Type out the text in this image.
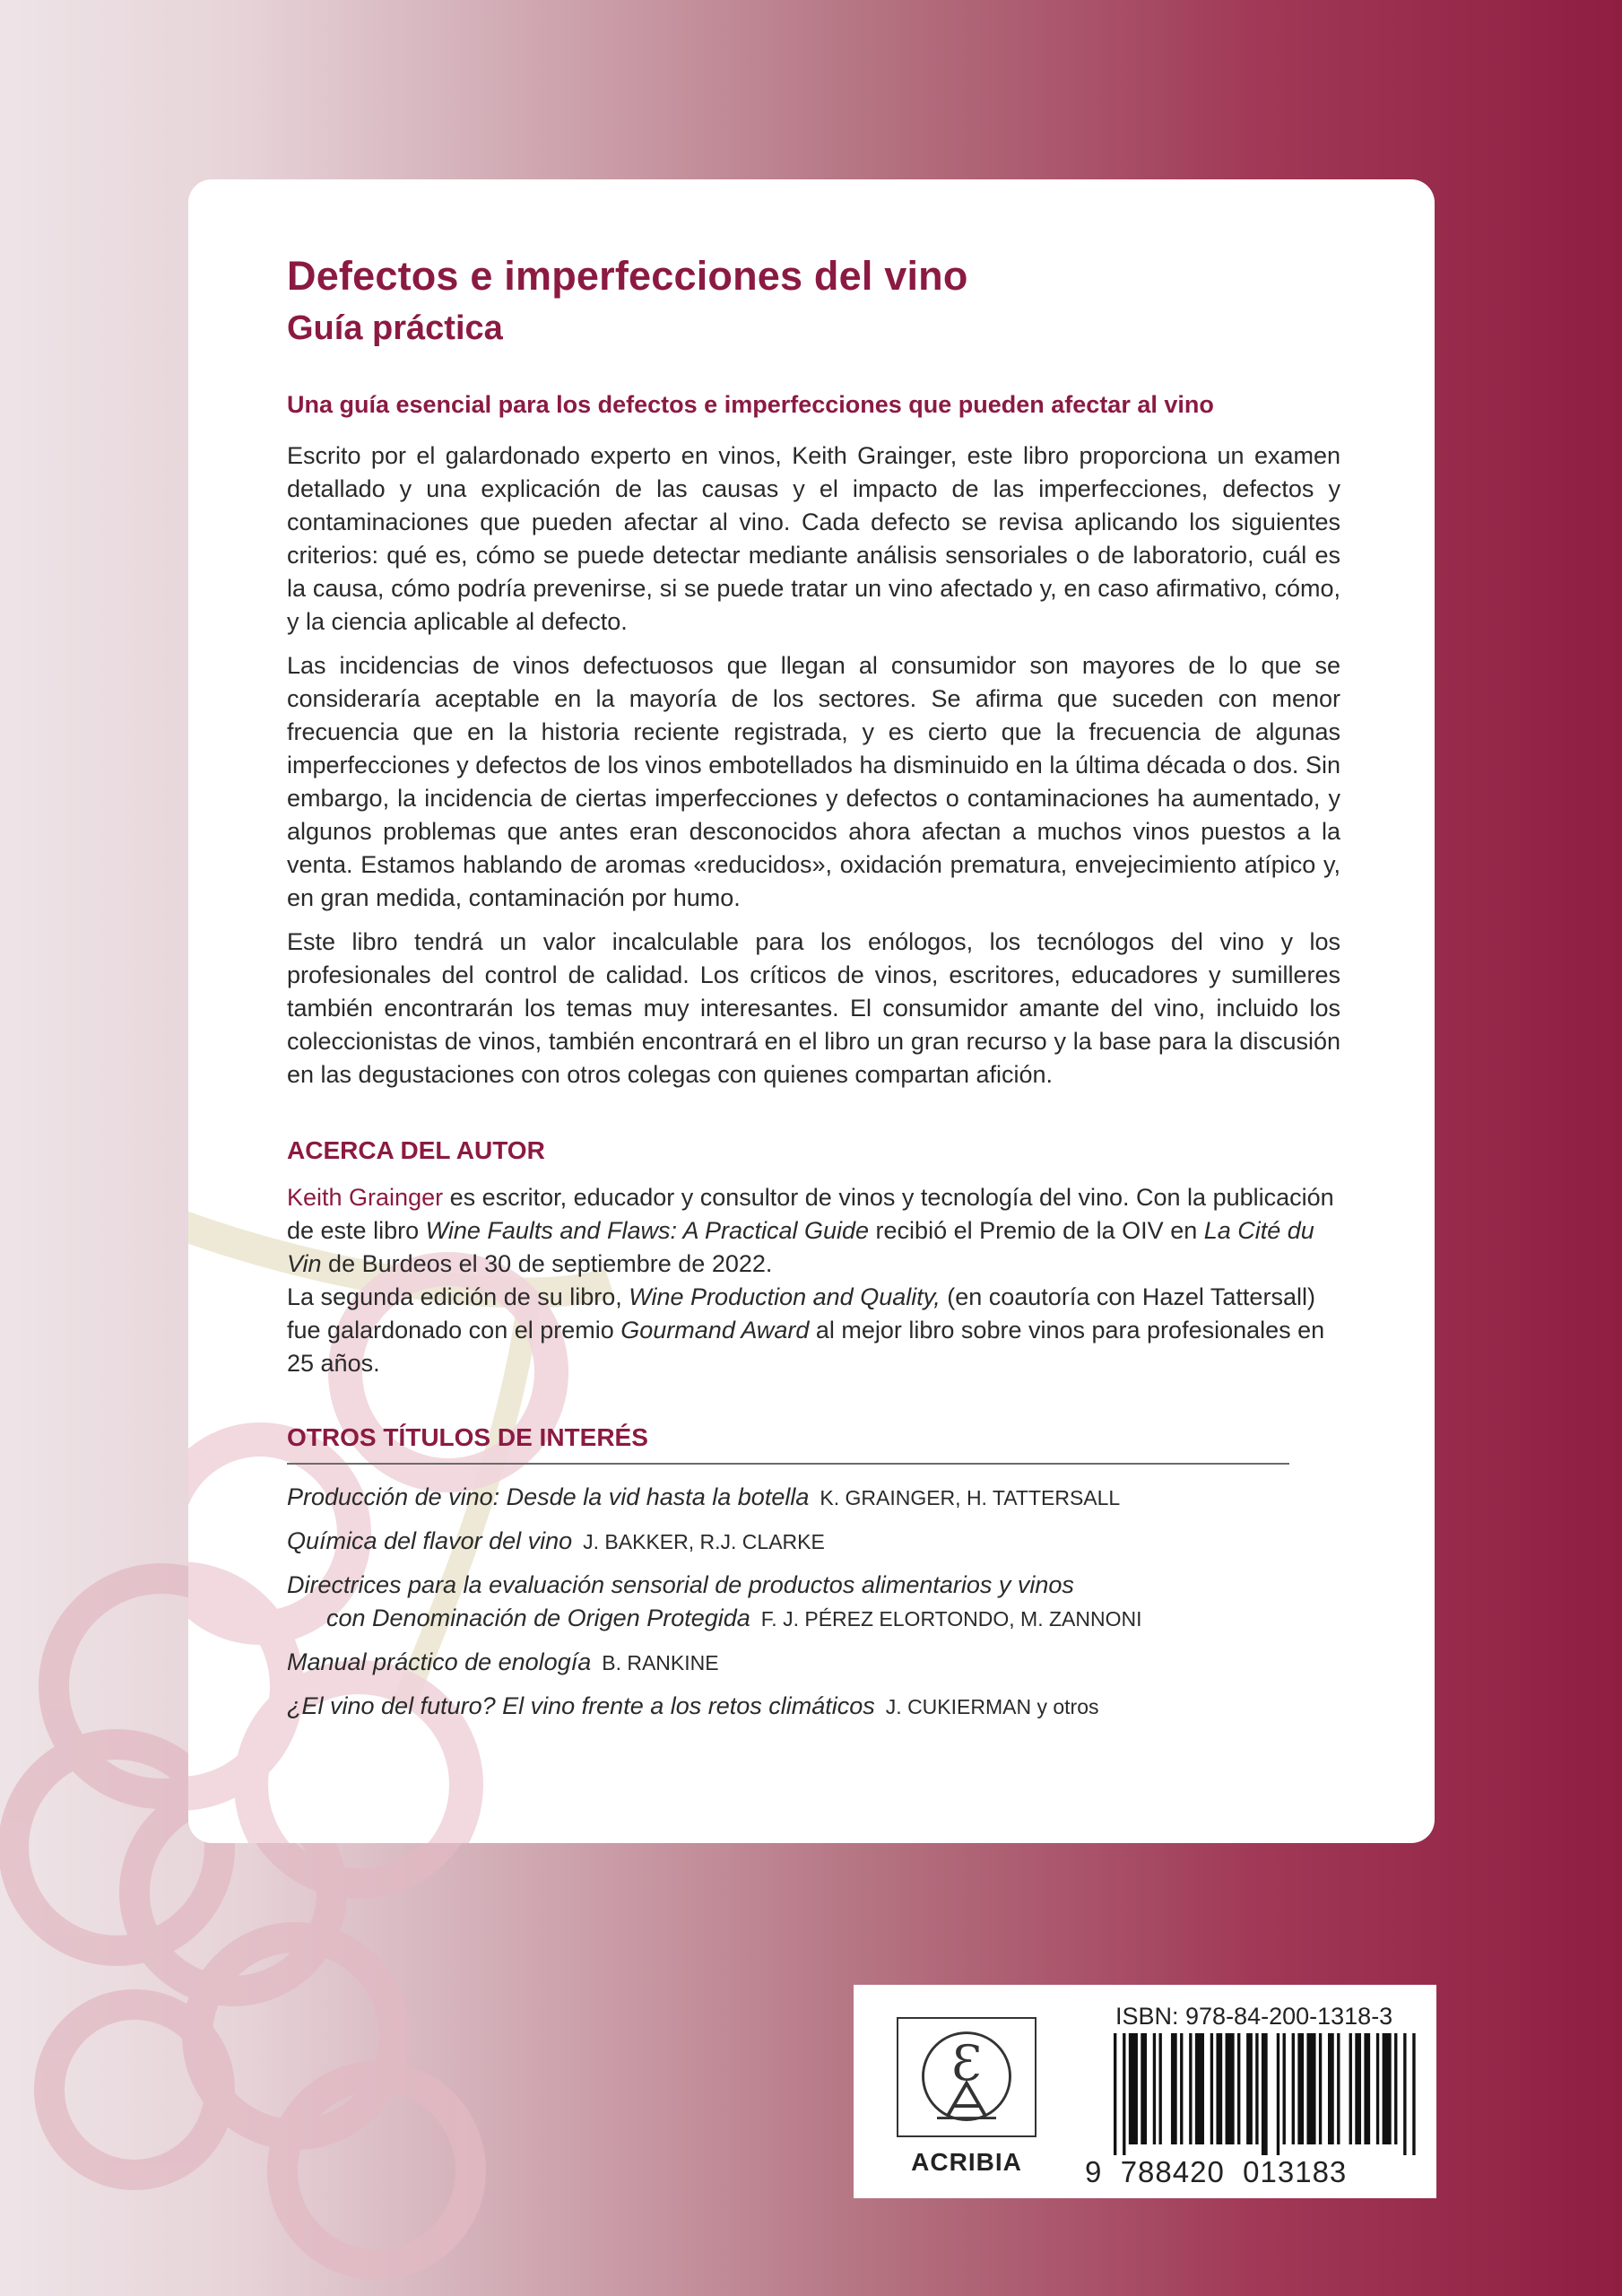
Defectos e imperfecciones del vino
Guía práctica

Una guía esencial para los defectos e imperfecciones que pueden afectar al vino

Escrito por el galardonado experto en vinos, Keith Grainger, este libro proporciona un examen detallado y una explicación de las causas y el impacto de las imperfecciones, defectos y contaminaciones que pueden afectar al vino. Cada defecto se revisa aplicando los siguientes criterios: qué es, cómo se puede detectar mediante análisis sensoriales o de laboratorio, cuál es la causa, cómo podría prevenirse, si se puede tratar un vino afectado y, en caso afirmativo, cómo, y la ciencia aplicable al defecto.

Las incidencias de vinos defectuosos que llegan al consumidor son mayores de lo que se consideraría aceptable en la mayoría de los sectores. Se afirma que suceden con menor frecuencia que en la historia reciente registrada, y es cierto que la frecuencia de algunas imperfecciones y defectos de los vinos embotellados ha disminuido en la última década o dos. Sin embargo, la incidencia de ciertas imperfecciones y defectos o contaminaciones ha aumentado, y algunos problemas que antes eran desconocidos ahora afectan a muchos vinos puestos a la venta. Estamos hablando de aromas «reducidos», oxidación prematura, envejecimiento atípico y, en gran medida, contaminación por humo.

Este libro tendrá un valor incalculable para los enólogos, los tecnólogos del vino y los profesionales del control de calidad. Los críticos de vinos, escritores, educadores y sumilleres también encontrarán los temas muy interesantes. El consumidor amante del vino, incluido los coleccionistas de vinos, también encontrará en el libro un gran recurso y la base para la discusión en las degustaciones con otros colegas con quienes compartan afición.

ACERCA DEL AUTOR

Keith Grainger es escritor, educador y consultor de vinos y tecnología del vino. Con la publicación de este libro Wine Faults and Flaws: A Practical Guide recibió el Premio de la OIV en La Cité du Vin de Burdeos el 30 de septiembre de 2022.
La segunda edición de su libro, Wine Production and Quality, (en coautoría con Hazel Tattersall) fue galardonado con el premio Gourmand Award al mejor libro sobre vinos para profesionales en 25 años.

OTROS TÍTULOS DE INTERÉS
Producción de vino: Desde la vid hasta la botella K. GRAINGER, H. TATTERSALL
Química del flavor del vino J. BAKKER, R.J. CLARKE
Directrices para la evaluación sensorial de productos alimentarios y vinos
con Denominación de Origen Protegida F. J. PÉREZ ELORTONDO, M. ZANNONI
Manual práctico de enología B. RANKINE
¿El vino del futuro? El vino frente a los retos climáticos J. CUKIERMAN y otros
Ɛ
ACRIBIA
ISBN: 978-84-200-1318-3
9 788420 013183
